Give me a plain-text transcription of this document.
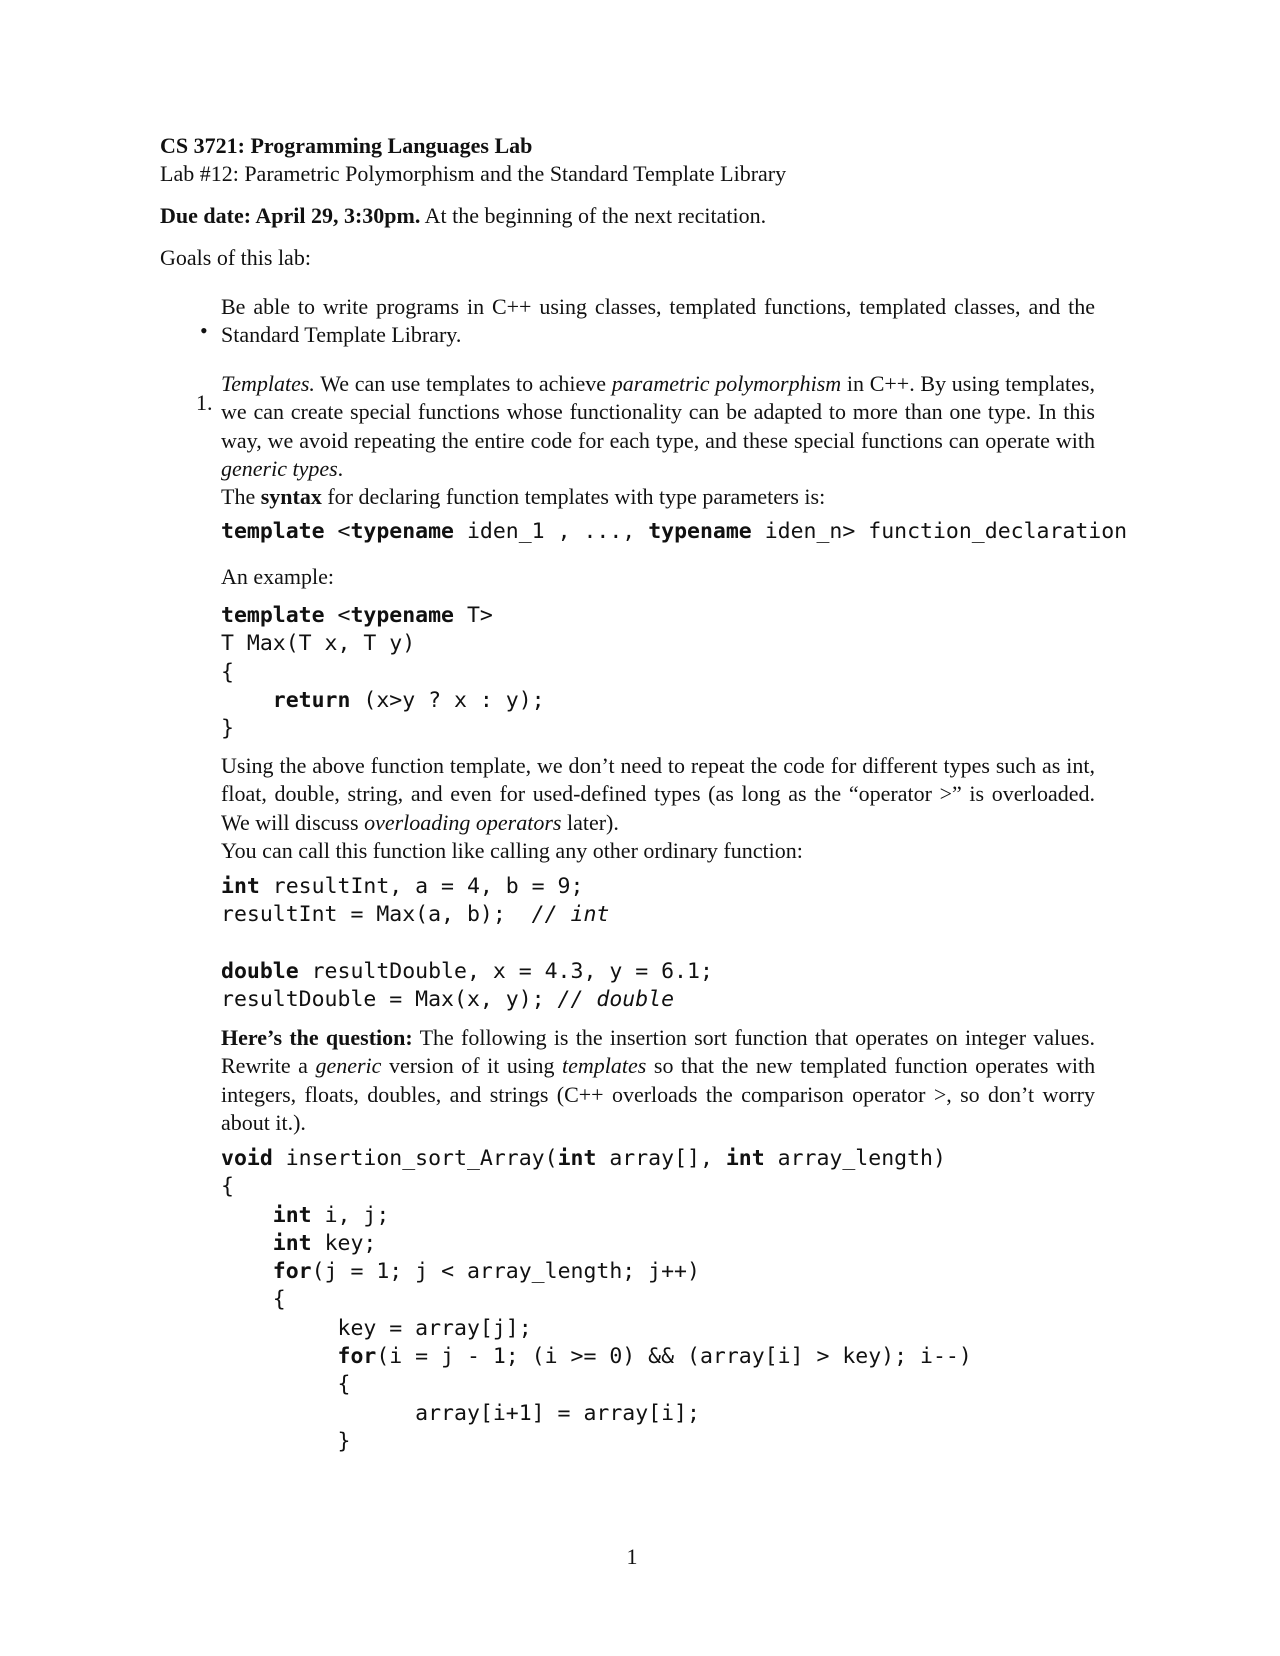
CS 3721: Programming Languages Lab
Lab #12: Parametric Polymorphism and the Standard Template Library
Due date: April 29, 3:30pm. At the beginning of the next recitation.
Goals of this lab:
•

Be able to write programs in C++ using classes, templated functions, templated classes, and the Standard Template Library.

1.

Templates. We can use templates to achieve parametric polymorphism in C++. By using templates, we can create special functions whose functionality can be adapted to more than one type. In this way, we avoid repeating the entire code for each type, and these special functions can operate with generic types.

The syntax for declaring function templates with type parameters is:

template <typename iden_1 , ..., typename iden_n> function_declaration
An example:
template <typename T>
T Max(T x, T y)
{
return (x>y ? x : y);
}

Using the above function template, we don’t need to repeat the code for different types such as int, float, double, string, and even for used-defined types (as long as the “operator >” is overloaded. We will discuss overloading operators later).

You can call this function like calling any other ordinary function:

int resultInt, a = 4, b = 9;
resultInt = Max(a, b);  // int

double resultDouble, x = 4.3, y = 6.1;
resultDouble = Max(x, y); // double

Here’s the question: The following is the insertion sort function that operates on integer values. Rewrite a generic version of it using templates so that the new templated function operates with integers, floats, doubles, and strings (C++ overloads the comparison operator >, so don’t worry about it.).

void insertion_sort_Array(int array[], int array_length)
{
int i, j;
int key;
for(j = 1; j < array_length; j++)
{
key = array[j];
for(i = j - 1; (i >= 0) && (array[i] > key); i--)
{
array[i+1] = array[i];
}
1
